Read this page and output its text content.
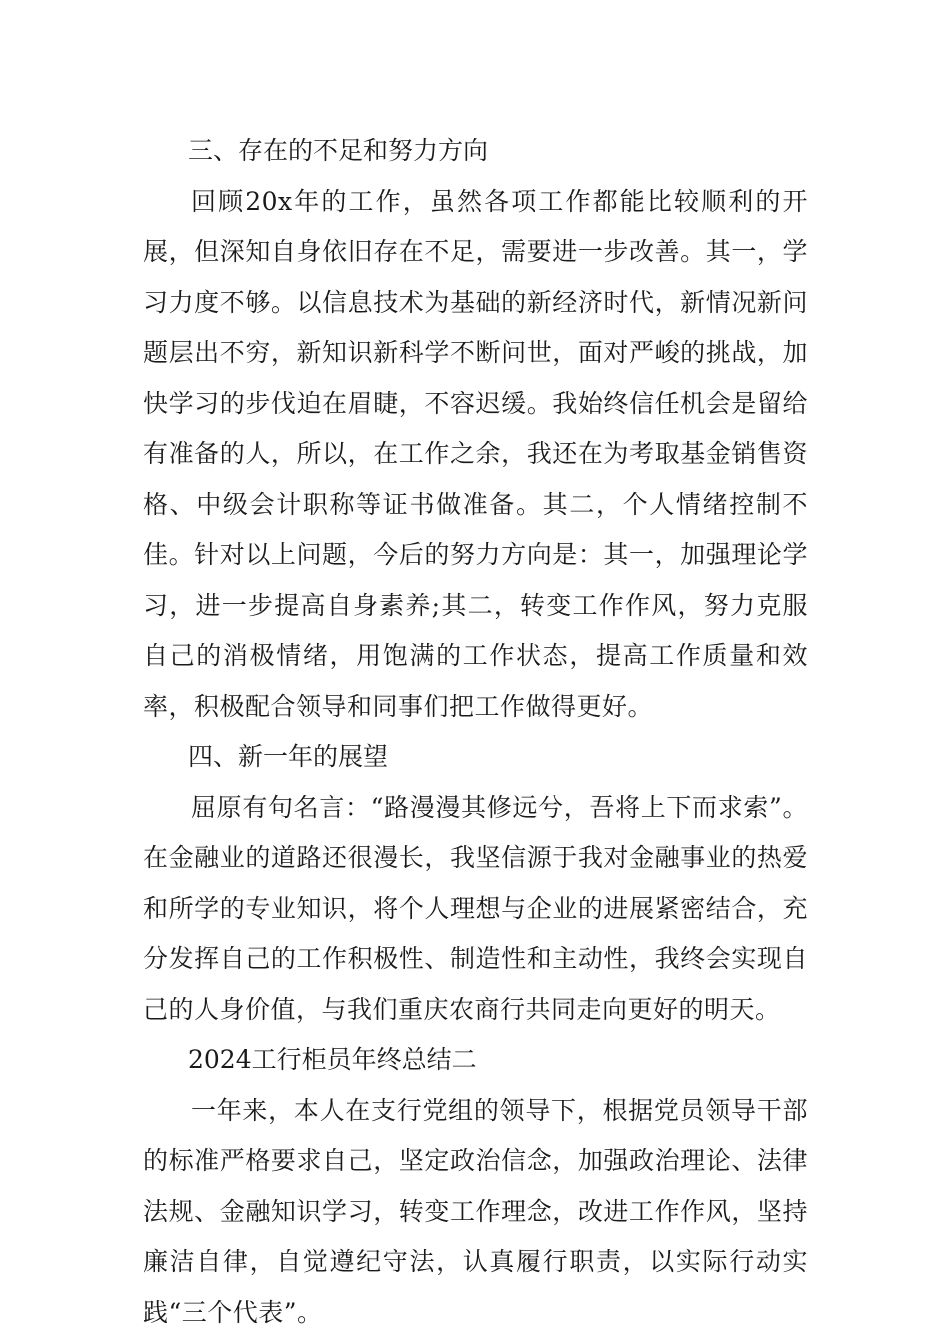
三、存在的不足和努力方向

回顾20x年的工作，虽然各项工作都能比较顺利的开展，但深知自身依旧存在不足，需要进一步改善。其一，学习力度不够。以信息技术为基础的新经济时代，新情况新问题层出不穷，新知识新科学不断问世，面对严峻的挑战，加快学习的步伐迫在眉睫，不容迟缓。我始终信任机会是留给有准备的人，所以，在工作之余，我还在为考取基金销售资格、中级会计职称等证书做准备。其二，个人情绪控制不佳。针对以上问题，今后的努力方向是：其一，加强理论学习，进一步提高自身素养;其二，转变工作作风，努力克服自己的消极情绪，用饱满的工作状态，提高工作质量和效率，积极配合领导和同事们把工作做得更好。

四、新一年的展望

屈原有句名言：“路漫漫其修远兮，吾将上下而求索”。在金融业的道路还很漫长，我坚信源于我对金融事业的热爱和所学的专业知识，将个人理想与企业的进展紧密结合，充分发挥自己的工作积极性、制造性和主动性，我终会实现自己的人身价值，与我们重庆农商行共同走向更好的明天。

2024工行柜员年终总结二

一年来，本人在支行党组的领导下，根据党员领导干部的标准严格要求自己，坚定政治信念，加强政治理论、法律法规、金融知识学习，转变工作理念，改进工作作风，坚持廉洁自律，自觉遵纪守法，认真履行职责，以实际行动实践“三个代表”。
